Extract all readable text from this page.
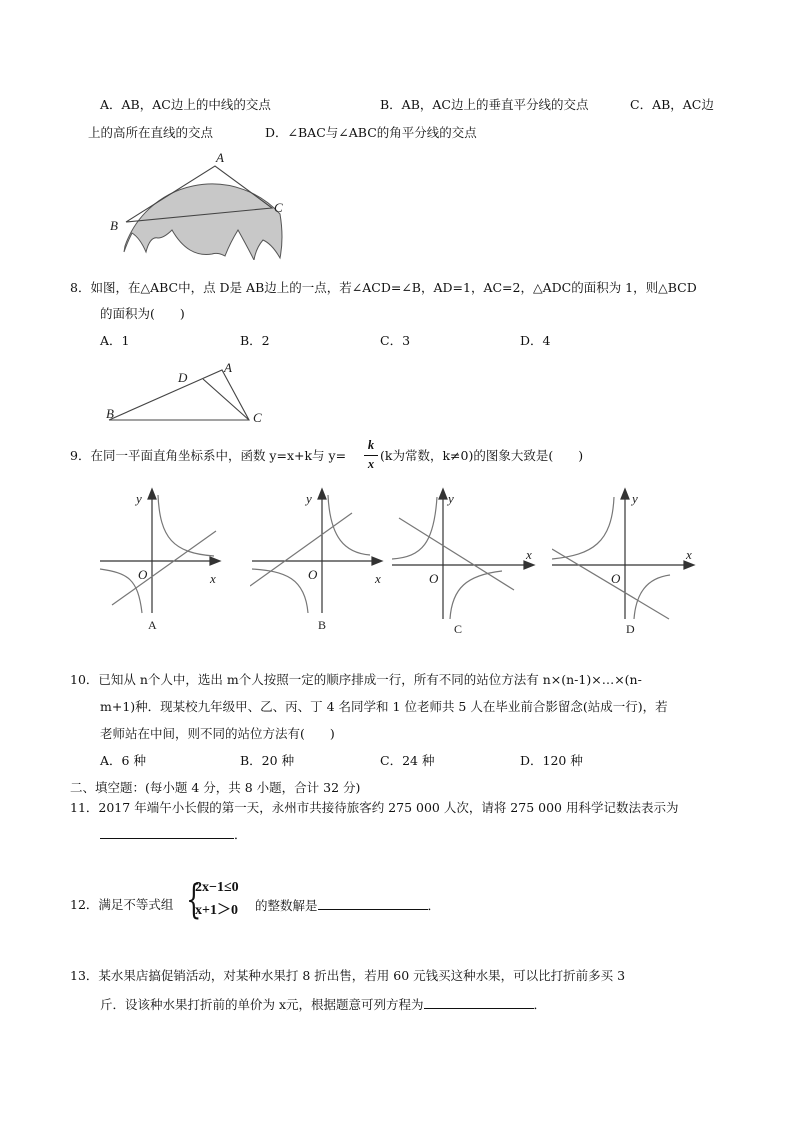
A．AB，AC边上的中线的交点	B．AB，AC边上的垂直平分线的交点	C．AB，AC边
上的高所在直线的交点	D．∠BAC与∠ABC的角平分线的交点
A
B
C
8．如图，在△ABC中，点 D是 AB边上的一点，若∠ACD=∠B，AD=1，AC=2，△ADC的面积为 1，则△BCD
的面积为(　　)
A．1	B．2	C．3	D．4
A
B	C
D
9．在同一平面直角坐标系中，函数 y=x+k与 y=
k
x
(k为常数，k≠0)的图象大致是(　　)
O	x
y
A
O	x
y
B
O
x
y
C
O
x
y
D
10．已知从 n个人中，选出 m个人按照一定的顺序排成一行，所有不同的站位方法有 n×(n-1)×…×(n-
m+1)种．现某校九年级甲、乙、丙、丁 4 名同学和 1 位老师共 5 人在毕业前合影留念(站成一行)，若
老师站在中间，则不同的站位方法有(　　)
A．6 种	B．20 种	C．24 种	D．120 种
二、填空题：(每小题 4 分，共 8 小题，合计 32 分)
11．2017 年端午小长假的第一天，永州市共接待旅客约 275 000 人次，请将 275 000 用科学记数法表示为
．
12．满足不等式组 {
2x−1≤0
x+1＞0 的整数解是	．
13．某水果店搞促销活动，对某种水果打 8 折出售，若用 60 元钱买这种水果，可以比打折前多买 3
斤．设该种水果打折前的单价为 x元，根据题意可列方程为	．
